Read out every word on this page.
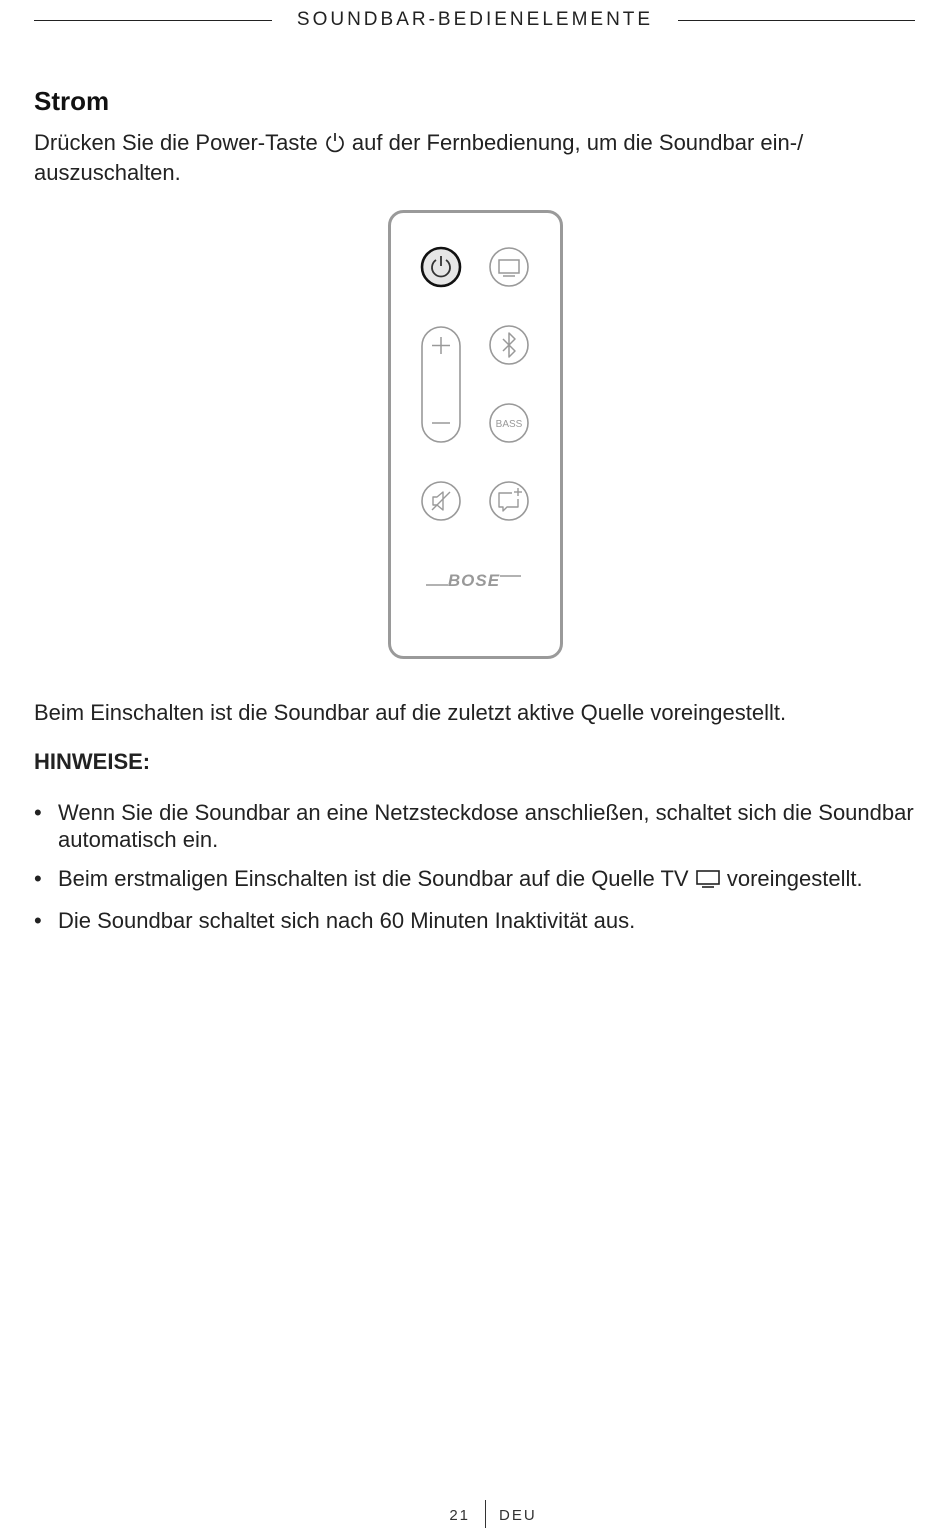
SOUNDBAR-BEDIENELEMENTE
Strom

Drücken Sie die Power-Taste  auf der Fernbedienung, um die Soundbar ein-/ auszuschalten.

BASS
BOSE

Beim Einschalten ist die Soundbar auf die zuletzt aktive Quelle voreingestellt.

HINWEISE:
• Wenn Sie die Soundbar an eine Netzsteckdose anschließen, schaltet sich die Soundbar automatisch ein.
• Beim erstmaligen Einschalten ist die Soundbar auf die Quelle TV  voreingestellt.
• Die Soundbar schaltet sich nach 60 Minuten Inaktivität aus.
21 DEU
